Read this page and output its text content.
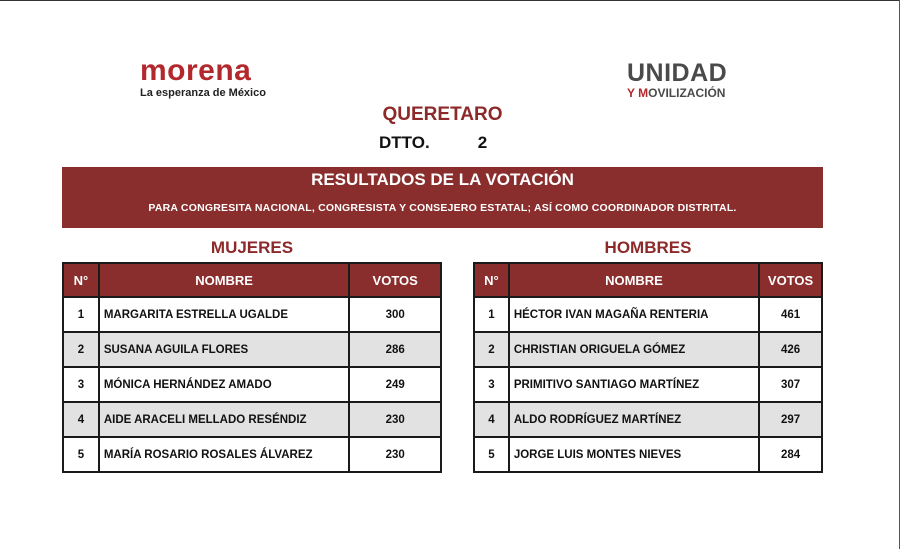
morena
La esperanza de México
UNIDAD
Y MOVILIZACIÓN
QUERETARO
DTTO.	2
RESULTADOS DE LA VOTACIÓN
PARA CONGRESITA NACIONAL, CONGRESISTA Y CONSEJERO ESTATAL; ASÍ COMO COORDINADOR DISTRITAL.
MUJERES	HOMBRES
N°	NOMBRE	VOTOS
1	MARGARITA ESTRELLA UGALDE	300
2	SUSANA AGUILA FLORES	286
3	MÓNICA HERNÁNDEZ AMADO	249
4	AIDE ARACELI MELLADO RESÉNDIZ	230
5	MARÍA ROSARIO ROSALES ÁLVAREZ	230
N°	NOMBRE	VOTOS
1	HÉCTOR IVAN MAGAÑA RENTERIA	461
2	CHRISTIAN ORIGUELA GÓMEZ	426
3	PRIMITIVO SANTIAGO MARTÍNEZ	307
4	ALDO RODRÍGUEZ MARTÍNEZ	297
5	JORGE LUIS MONTES NIEVES	284
